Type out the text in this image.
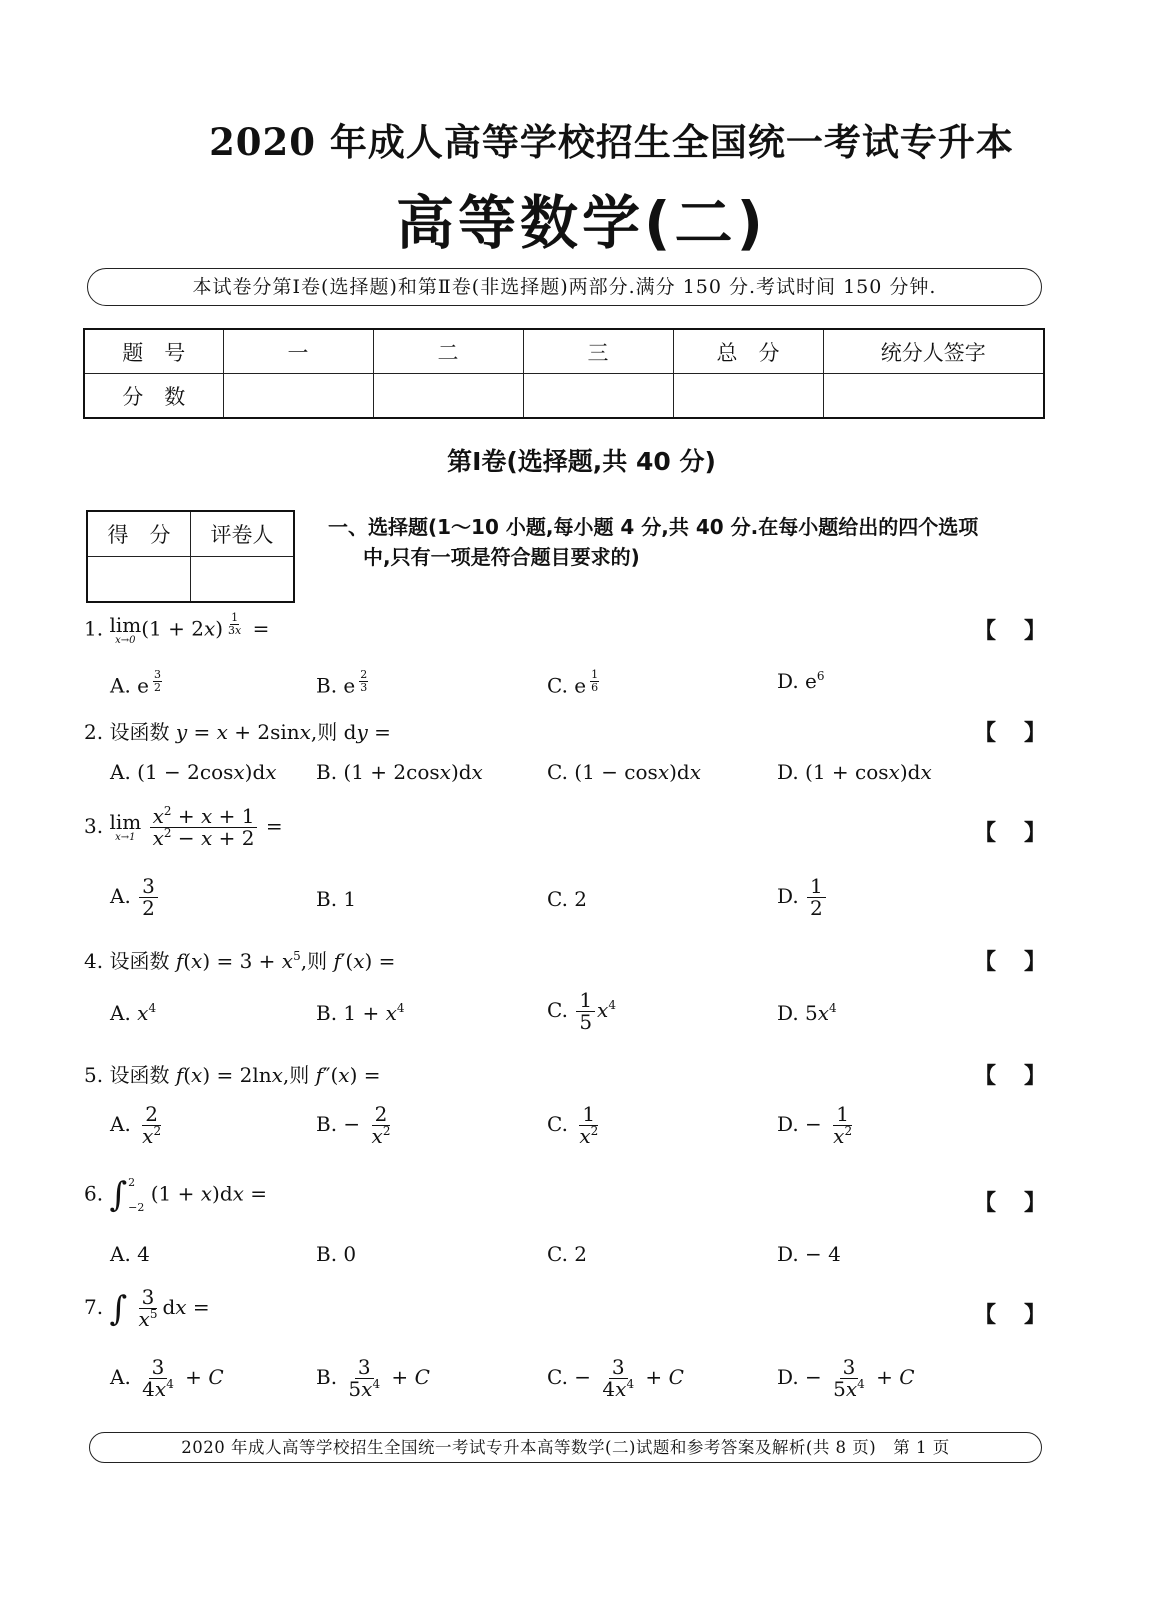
2020 年成人高等学校招生全国统一考试专升本
高等数学(二)
本试卷分第Ⅰ卷(选择题)和第Ⅱ卷(非选择题)两部分.满分 150 分.考试时间 150 分钟.
题　号	一	二	三	总　分	统分人签字
分　数					
第Ⅰ卷(选择题,共 40 分)
得　分	评卷人
		一、选择题(1～10 小题,每小题 4 分,共 40 分.在每小题给出的四个选项
中,只有一项是符合题目要求的)
1. lim
x→0 (1 + 2x) $^{\frac{1}{3x}}$ =	【 】
A. e $^{\frac{3}{2}}$	B. e $^{\frac{2}{3}}$	C. e $^{\frac{1}{6}}$	D. $e^6$
2. 设函数 y = x + 2sinx,则 dy =	【 】
A. (1 − 2cosx)dx B. (1 + 2cosx)dx	C. (1 − cosx)dx	D. (1 + cosx)dx
3. lim
x→1
$\frac{x^2 + x + 1}{x^2 - x + 2}$ =	【 】
A. $\frac{3}{2}$	B. 1	C. 2	D. $\frac{1}{2}$
4. 设函数 $f(x) = 3 + x^5$,则 f′(x) =	【 】
A. $x^4$	B. $1 + x^4$	C. $\frac{1}{5} x^4$	D. $5x^4$
5. 设函数 f(x) = 2lnx,则 f″(x) =	【 】
A. $\frac{2}{x^2}$	B. − $\frac{2}{x^2}$	C. $\frac{1}{x^2}$	D. − $\frac{1}{x^2}$
6. ∫ 2
−2
(1 + x)dx =	【 】
A. 4	B. 0	C. 2	D. − 4
7. ∫
$\frac{3}{x^5}$ dx =	【 】
A. $\frac{3}{4x^4} + C$	B. $\frac{3}{5x^4} + C$	C. − $\frac{3}{4x^4} + C$	D. − $\frac{3}{5x^4} + C$
2020 年成人高等学校招生全国统一考试专升本高等数学(二)试题和参考答案及解析(共 8 页)　第 1 页
